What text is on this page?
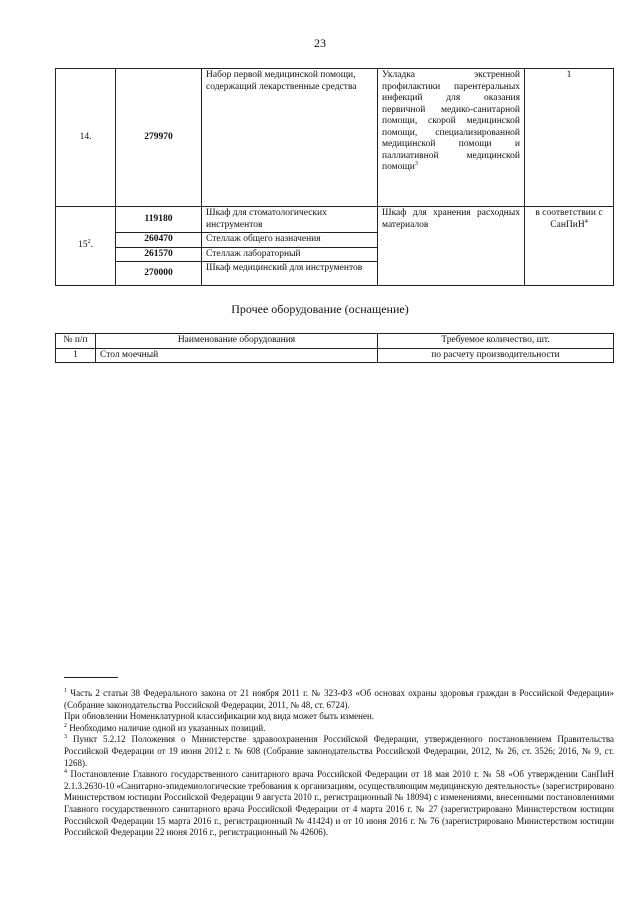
23
14.	279970	Набор первой медицинской помощи, содержащий лекарственные средства	Укладка экстренной профилактики парентеральных инфекций для оказания первичной медико-санитарной помощи, скорой медицинской помощи, специализированной медицинской помощи и паллиативной медицинской помощи$^3$	1
$15^2$.	119180	Шкаф для стоматологических инструментов	Шкаф для хранения расходных материалов	в соответствии с СанПиН$^4$
	260470	Стеллаж общего назначения		
	261570	Стеллаж лабораторный		
	270000	Шкаф медицинский для инструментов		
Прочее оборудование (оснащение)
№ п/п	Наименование оборудования	Требуемое количество, шт.
1	Стол моечный	по расчету производительности

$^1$ Часть 2 статьи 38 Федерального закона от 21 ноября 2011 г. № 323-ФЗ «Об основах охраны здоровья граждан в Российской Федерации» (Собрание законодательства Российской Федерации, 2011, № 48, ст. 6724).

При обновлении Номенклатурной классификации код вида может быть изменен.

$^2$ Необходимо наличие одной из указанных позиций.

$^3$ Пункт 5.2.12 Положения о Министерстве здравоохранения Российской Федерации, утвержденного постановлением Правительства Российской Федерации от 19 июня 2012 г. № 608 (Собрание законодательства Российской Федерации, 2012, № 26, ст. 3526; 2016, № 9, ст. 1268).

$^4$ Постановление Главного государственного санитарного врача Российской Федерации от 18 мая 2010 г. № 58 «Об утверждении СанПиН 2.1.3.2630-10 «Санитарно-эпидемиологические требования к организациям, осуществляющим медицинскую деятельность» (зарегистрировано Министерством юстиции Российской Федерации 9 августа 2010 г., регистрационный № 18094) с изменениями, внесенными постановлениями Главного государственного санитарного врача Российской Федерации от 4 марта 2016 г. № 27 (зарегистрировано Министерством юстиции Российской Федерации 15 марта 2016 г., регистрационный № 41424) и от 10 июня 2016 г. № 76 (зарегистрировано Министерством юстиции Российской Федерации 22 июня 2016 г., регистрационный № 42606).
